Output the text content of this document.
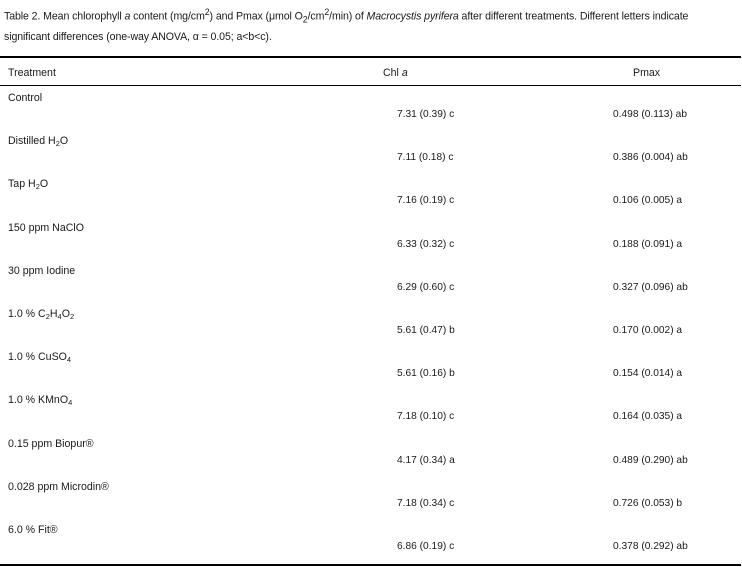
Table 2. Mean chlorophyll a content $(mg/cm^2)$ and Pmax (μmol $O_2/cm^2/\min$) of Macrocystis pyrifera after different treatments. Different letters indicate significant differences (one-way ANOVA, α = 0.05; a<b<c).
Treatment	Chl a	Pmax
Control
7.31 (0.39) c	0.498 (0.113) ab
Distilled $H_2O$
7.11 (0.18) c	0.386 (0.004) ab
Tap $H_2O$
7.16 (0.19) c	0.106 (0.005) a
150 ppm NaClO
6.33 (0.32) c	0.188 (0.091) a
30 ppm Iodine
6.29 (0.60) c	0.327 (0.096) ab
1.0 % $C_2H_4O_2$
5.61 (0.47) b	0.170 (0.002) a
1.0 % CuSO$_4$
5.61 (0.16) b	0.154 (0.014) a
1.0 % KMnO$_4$
7.18 (0.10) c	0.164 (0.035) a
0.15 ppm Biopur®
4.17 (0.34) a	0.489 (0.290) ab
0.028 ppm Microdin®
7.18 (0.34) c	0.726 (0.053) b
6.0 % Fit®
6.86 (0.19) c	0.378 (0.292) ab
